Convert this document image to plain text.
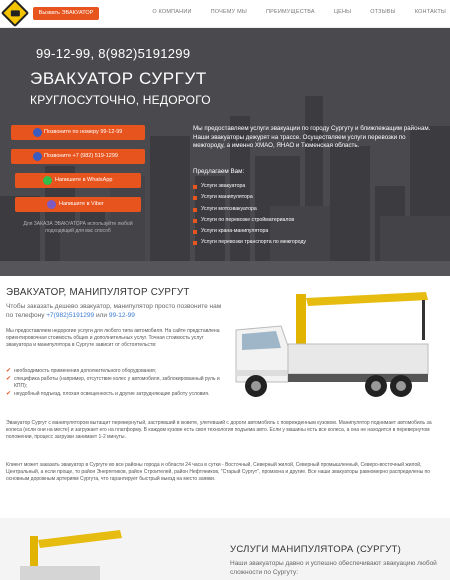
Вызвать ЭВАКУАТОР	О КОМПАНИИ	ПОЧЕМУ МЫ	ПРЕИМУЩЕСТВА	ЦЕНЫ	ОТЗЫВЫ	КОНТАКТЫ
99-12-99, 8(982)5191299
ЭВАКУАТОР СУРГУТ
КРУГЛОСУТОЧНО, НЕДОРОГО
Позвоните по номеру 99-12-99
Позвоните +7 (982) 519-1299
Напишите в WhatsApp
Напишите в Viber
Для ЗАКАЗА ЭВАКУАТОРА используйте любой подходящий для вас способ
Мы предоставляем услуги эвакуации по городу Сургуту и ближлежащим районам. Наши эвакуаторы дежурят на трассе. Осуществляем услуги перевозки по межгороду, а именно ХМАО, ЯНАО и Тюменская область.
Предлагаем Вам:
Услуги эвакуатора
Услуги манипулятора
Услуги мотоэвакуатора
Услуги по перевозке стройматериалов
Услуги крана-манипулятора
Услуги перевозки транспорта по межгороду
ЭВАКУАТОР, МАНИПУЛЯТОР СУРГУТ
Чтобы заказать дешево эвакуатор, манипулятор просто позвоните нам по телефону +7(982)5191299 или 99-12-99
Мы предоставляем недорогие услуги для любого типа автомобиля. На сайте представлена ориентировочная стоимость общих и дополнительных услуг. Точная стоимость услуг эвакуатора и манипулятора в Сургуте зависит от обстоятельств:
✔ необходимость применения дополнительного оборудования;
✔ специфика работы (например, отсутствие колес у автомобиля, заблокированный руль и КПП);
✔ неудобный подъезд, плохая освещенность и другие затрудняющие работу условия.
Эвакуатор Сургут с манипулятором вытащит перевернутый, застрявший в кювете, улетевший с дороги автомобиль с поврежденным кузовом. Манипулятор поднимает автомобиль за колеса (если они на месте) и загружает его на платформу. В каждом кузове есть своя технология подъема авто. Если у машины есть все колеса, а она не находится в перевернутом положении, процесс загрузки занимает 1-2 минуты.
Клиент может заказать эвакуатор в Сургуте во все районы города и области 24 часа в сутки - Восточный, Северный жилой, Северный промышленный, Северо-восточный жилой, Центральный, а если проще, то район Энергетиков, район Строителей, район Нефтяников, "Старый Сургут", промзона и другие. Все наши эвакуаторы равномерно распределены по основным дорожным артериям Сургута, что гарантирует быстрый выезд на место заявки.
УСЛУГИ МАНИПУЛЯТОРА (СУРГУТ)
Наши эвакуаторы давно и успешно обеспечивают эвакуацию любой сложности по Сургуту:
